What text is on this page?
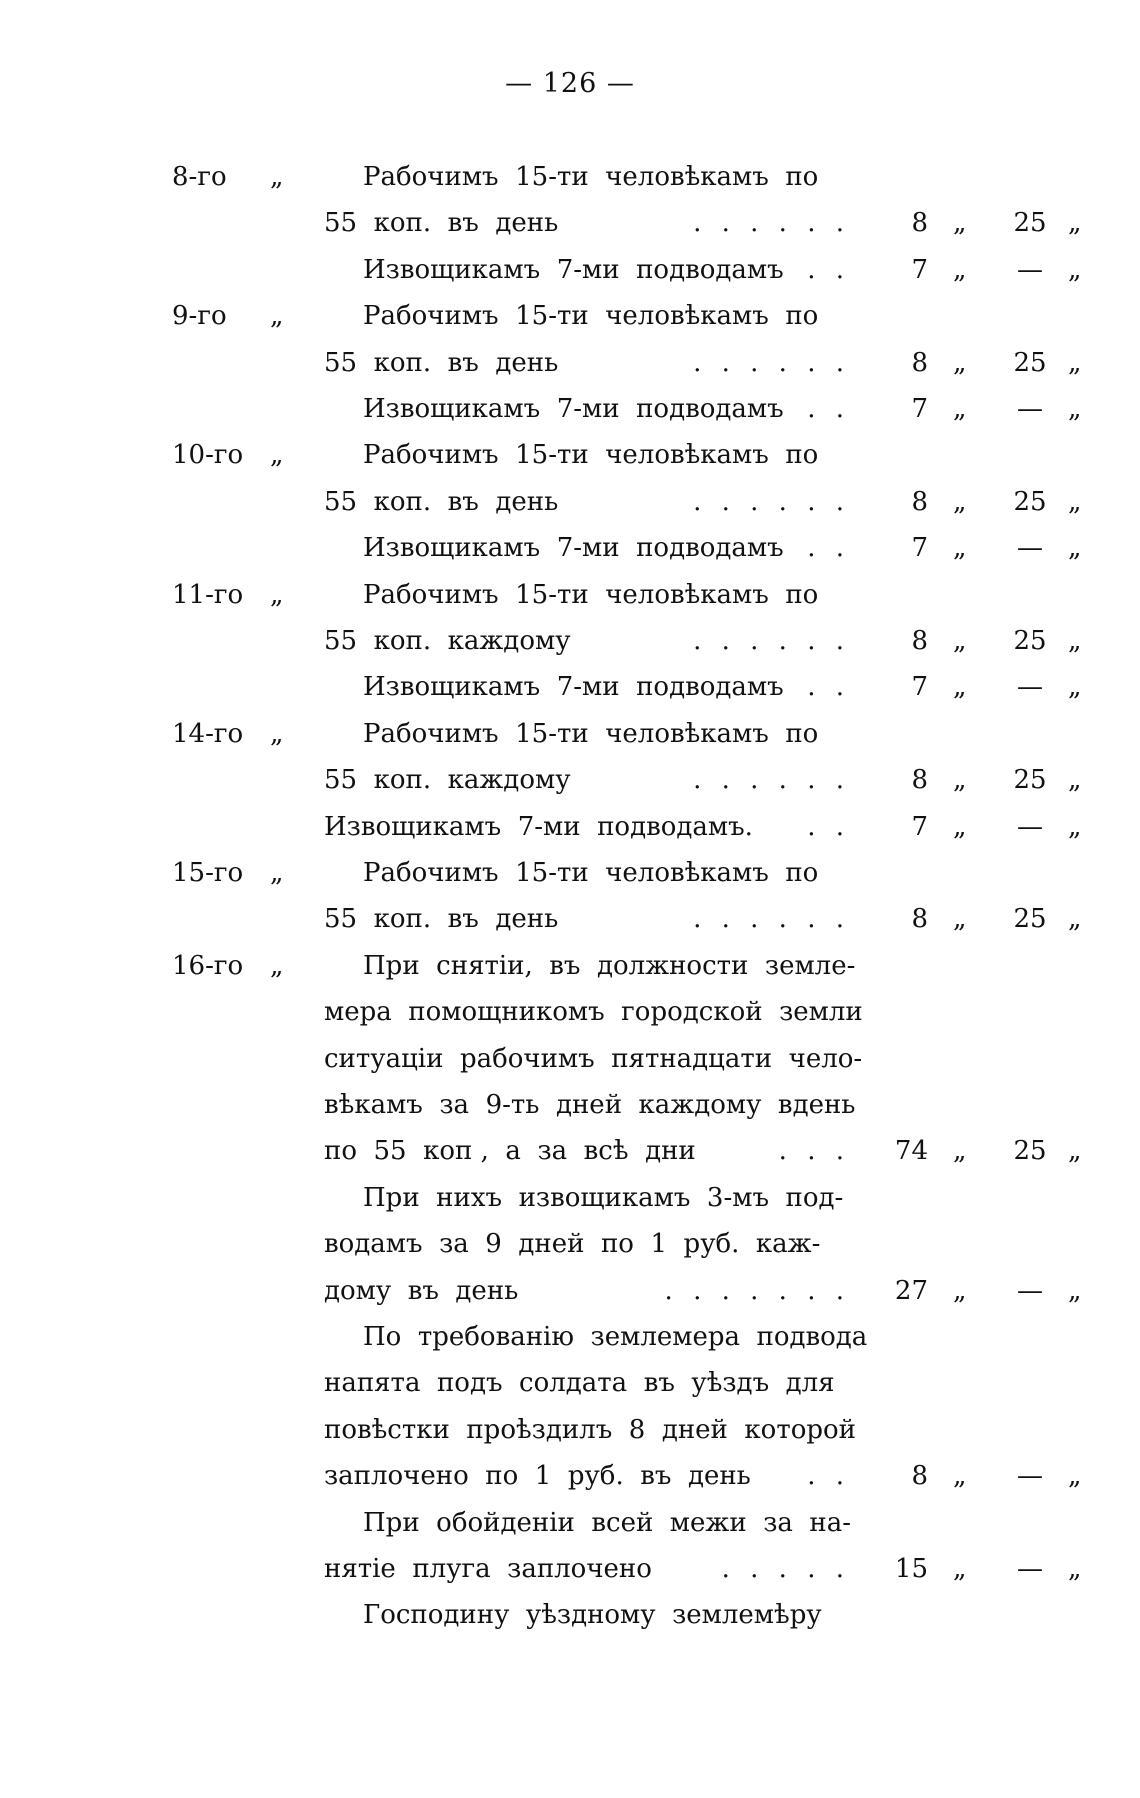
— 126 —
8-го „	Рабочимъ  15-ти  человѣкамъ  по
55  коп.  въ  день	. . . . . . 8 „	25 „
Извощикамъ  7-ми  подводамъ . . 7 „	— „
9-го „	Рабочимъ  15-ти  человѣкамъ  по
55  коп.  въ  день	. . . . . . 8 „	25 „
Извощикамъ  7-ми  подводамъ . . 7 „	— „
10-го „	Рабочимъ  15-ти  человѣкамъ  по
55  коп.  въ  день	. . . . . . 8 „	25 „
Извощикамъ  7-ми  подводамъ . . 7 „	— „
11-го „	Рабочимъ  15-ти  человѣкамъ  по
55  коп.  каждому	. . . . . . 8 „	25 „
Извощикамъ  7-ми  подводамъ . . 7 „	— „
14-го „	Рабочимъ  15-ти  человѣкамъ  по
55  коп.  каждому	. . . . . . 8 „	25 „
Извощикамъ  7-ми  подводамъ.	. . 7 „	— „
15-го „	Рабочимъ  15-ти  человѣкамъ  по
55  коп.  въ  день	. . . . . . 8 „	25 „
16-го „	При  снятіи,  въ  должности  земле-
мера  помощникомъ  городской  земли
ситуаціи  рабочимъ  пятнадцати  чело-
вѣкамъ  за  9-ть  дней  каждому  вдень
по  55  коп ,  а  за  всѣ  дни	. . . 74 „	25 „
При  нихъ  извощикамъ  3-мъ  под-
водамъ  за  9  дней  по  1  руб.  каж-
дому  въ  день	. . . . . . . 27 „	— „
По  требованію  землемера  подвода
напята  подъ  солдата  въ  уѣздъ  для
повѣстки  проѣздилъ  8  дней  которой
заплочено  по  1  руб.  въ  день	. . 8 „	— „
При  обойденіи  всей  межи  за  на-
нятіе  плуга  заплочено	. . . . . 15 „	— „
Господину  уѣздному  землемѣру
